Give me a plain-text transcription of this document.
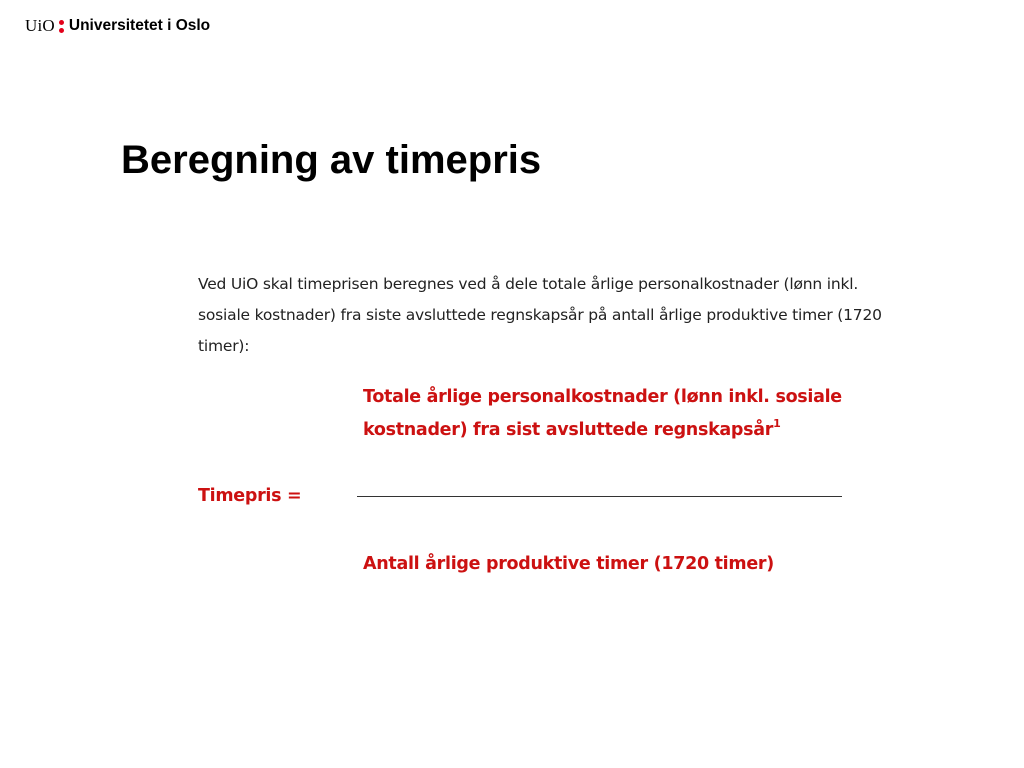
UiO Universitetet i Oslo
Beregning av timepris

Ved UiO skal timeprisen beregnes ved å dele totale årlige personalkostnader (lønn inkl. sosiale kostnader) fra siste avsluttede regnskapsår på antall årlige produktive timer (1720 timer):

Totale årlige personalkostnader (lønn inkl. sosiale
kostnader) fra sist avsluttede regnskapsår$^1$

Timepris =
Antall årlige produktive timer (1720 timer)
